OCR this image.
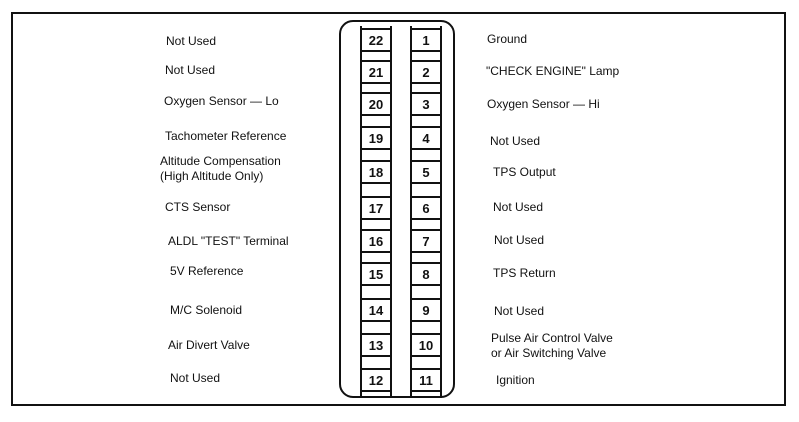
22
21
20
19
18
17
16
15
14
13
12
1
2
3
4
5
6
7
8
9
10
11
Not Used
Not Used
Oxygen Sensor — Lo
Tachometer Reference
Altitude Compensation
(High Altitude Only)
CTS Sensor
ALDL "TEST" Terminal
5V Reference
M/C Solenoid
Air Divert Valve
Not Used
Ground
"CHECK ENGINE" Lamp
Oxygen Sensor — Hi
Not Used
TPS Output
Not Used
Not Used
TPS Return
Not Used
Pulse Air Control Valve
or Air Switching Valve
Ignition
